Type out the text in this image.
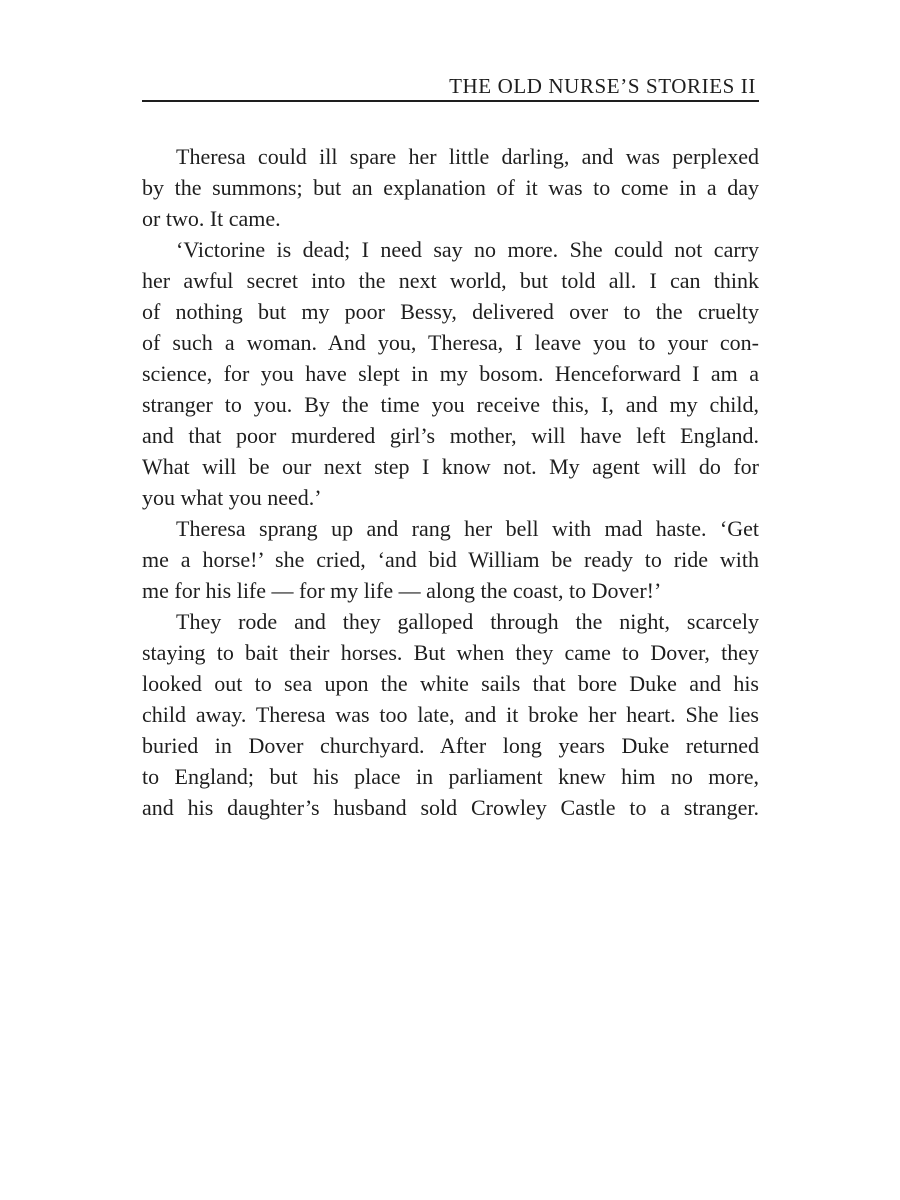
THE OLD NURSE’S STORIES II
Theresa could ill spare her little darling, and was perplexed
by the summons; but an explanation of it was to come in a day
or two. It came.
‘Victorine is dead; I need say no more. She could not carry
her awful secret into the next world, but told all. I can think
of nothing but my poor Bessy, delivered over to the cruelty
of such a woman. And you, Theresa, I leave you to your con-
science, for you have slept in my bosom. Henceforward I am a
stranger to you. By the time you receive this, I, and my child,
and that poor murdered girl’s mother, will have left England.
What will be our next step I know not. My agent will do for
you what you need.’
Theresa sprang up and rang her bell with mad haste. ‘Get
me a horse!’ she cried, ‘and bid William be ready to ride with
me for his life — for my life — along the coast, to Dover!’
They rode and they galloped through the night, scarcely
staying to bait their horses. But when they came to Dover, they
looked out to sea upon the white sails that bore Duke and his
child away. Theresa was too late, and it broke her heart. She lies
buried in Dover churchyard. After long years Duke returned
to England; but his place in parliament knew him no more,
and his daughter’s husband sold Crowley Castle to a stranger.
